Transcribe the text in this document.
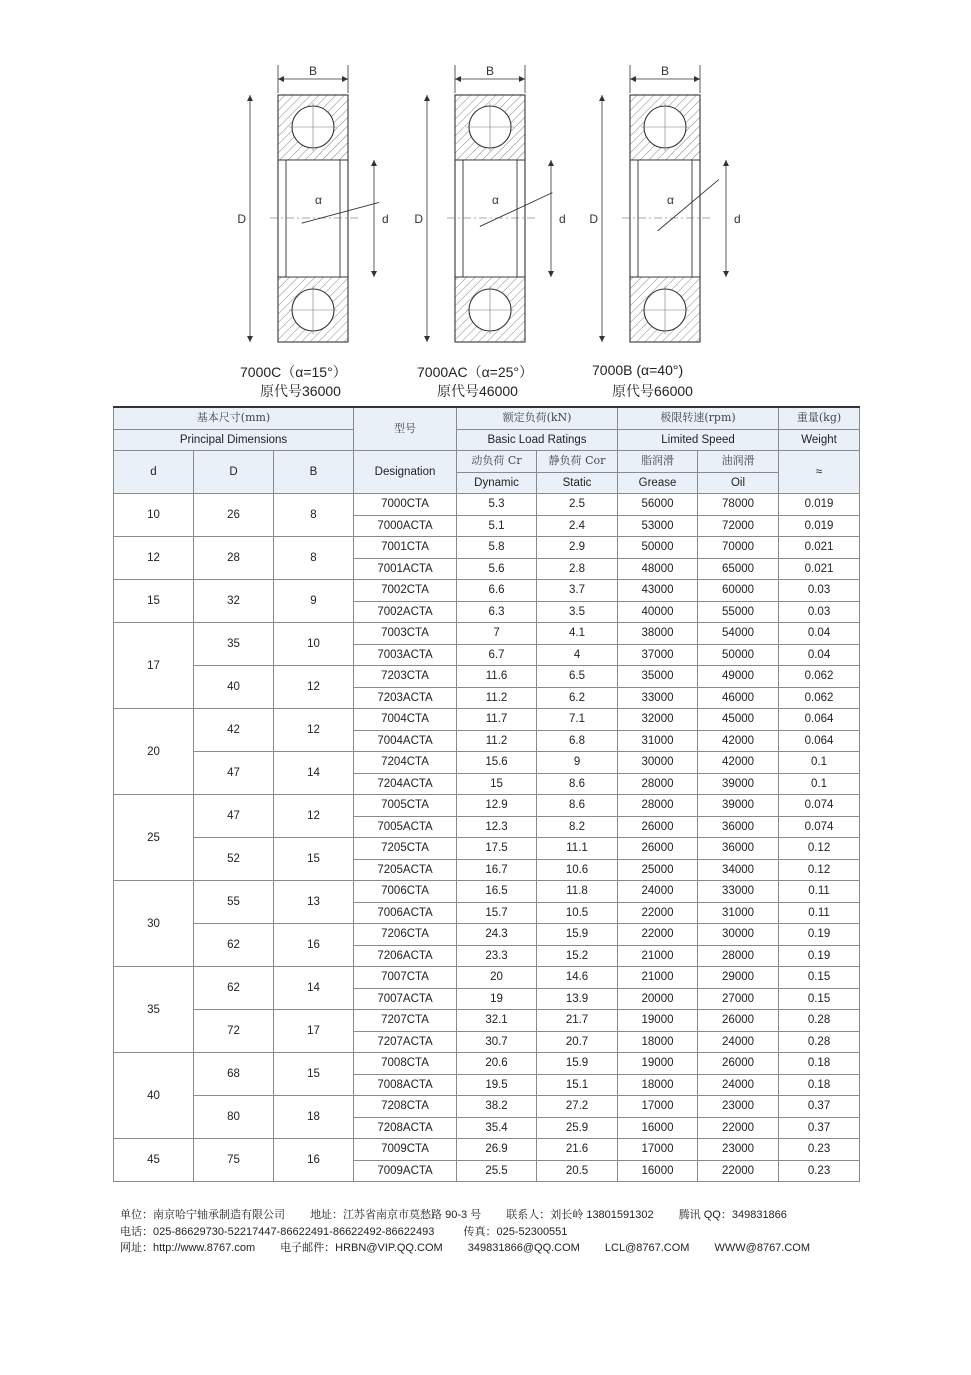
B
α
D	d
7000C（α=15°）
原代号36000
B
α
D	d
7000AC（α=25°）
原代号46000
B
α
D	d
7000B (α=40°)
原代号66000
基本尺寸(mm)			型号	额定负荷(kN)		极限转速(rpm)		重量(kg)
Principal Dimensions				Basic Load Ratings		Limited Speed		Weight
d	D	B	Designation	动负荷 Cr	静负荷 Cor	脂润滑	油润滑	≈
				Dynamic	Static	Grease	Oil	
10	26	8	7000CTA	5.3	2.5	56000	78000	0.019
			7000ACTA	5.1	2.4	53000	72000	0.019
12	28	8	7001CTA	5.8	2.9	50000	70000	0.021
			7001ACTA	5.6	2.8	48000	65000	0.021
15	32	9	7002CTA	6.6	3.7	43000	60000	0.03
			7002ACTA	6.3	3.5	40000	55000	0.03
17	35	10	7003CTA	7	4.1	38000	54000	0.04
			7003ACTA	6.7	4	37000	50000	0.04
	40	12	7203CTA	11.6	6.5	35000	49000	0.062
			7203ACTA	11.2	6.2	33000	46000	0.062
20	42	12	7004CTA	11.7	7.1	32000	45000	0.064
			7004ACTA	11.2	6.8	31000	42000	0.064
	47	14	7204CTA	15.6	9	30000	42000	0.1
			7204ACTA	15	8.6	28000	39000	0.1
25	47	12	7005CTA	12.9	8.6	28000	39000	0.074
			7005ACTA	12.3	8.2	26000	36000	0.074
	52	15	7205CTA	17.5	11.1	26000	36000	0.12
			7205ACTA	16.7	10.6	25000	34000	0.12
30	55	13	7006CTA	16.5	11.8	24000	33000	0.11
			7006ACTA	15.7	10.5	22000	31000	0.11
	62	16	7206CTA	24.3	15.9	22000	30000	0.19
			7206ACTA	23.3	15.2	21000	28000	0.19
35	62	14	7007CTA	20	14.6	21000	29000	0.15
			7007ACTA	19	13.9	20000	27000	0.15
	72	17	7207CTA	32.1	21.7	19000	26000	0.28
			7207ACTA	30.7	20.7	18000	24000	0.28
40	68	15	7008CTA	20.6	15.9	19000	26000	0.18
			7008ACTA	19.5	15.1	18000	24000	0.18
	80	18	7208CTA	38.2	27.2	17000	23000	0.37
			7208ACTA	35.4	25.9	16000	22000	0.37
45	75	16	7009CTA	26.9	21.6	17000	23000	0.23
			7009ACTA	25.5	20.5	16000	22000	0.23
单位：南京哈宁轴承制造有限公司 地址：江苏省南京市莫愁路 90-3 号 联系人：刘长岭 13801591302 腾讯 QQ：349831866
电话：025-86629730-52217447-86622491-86622492-86622493	传真：025-52300551
网址：http://www.8767.com 电子邮件：HRBN@VIP.QQ.COM 349831866@QQ.COM LCL@8767.COM WWW@8767.COM
